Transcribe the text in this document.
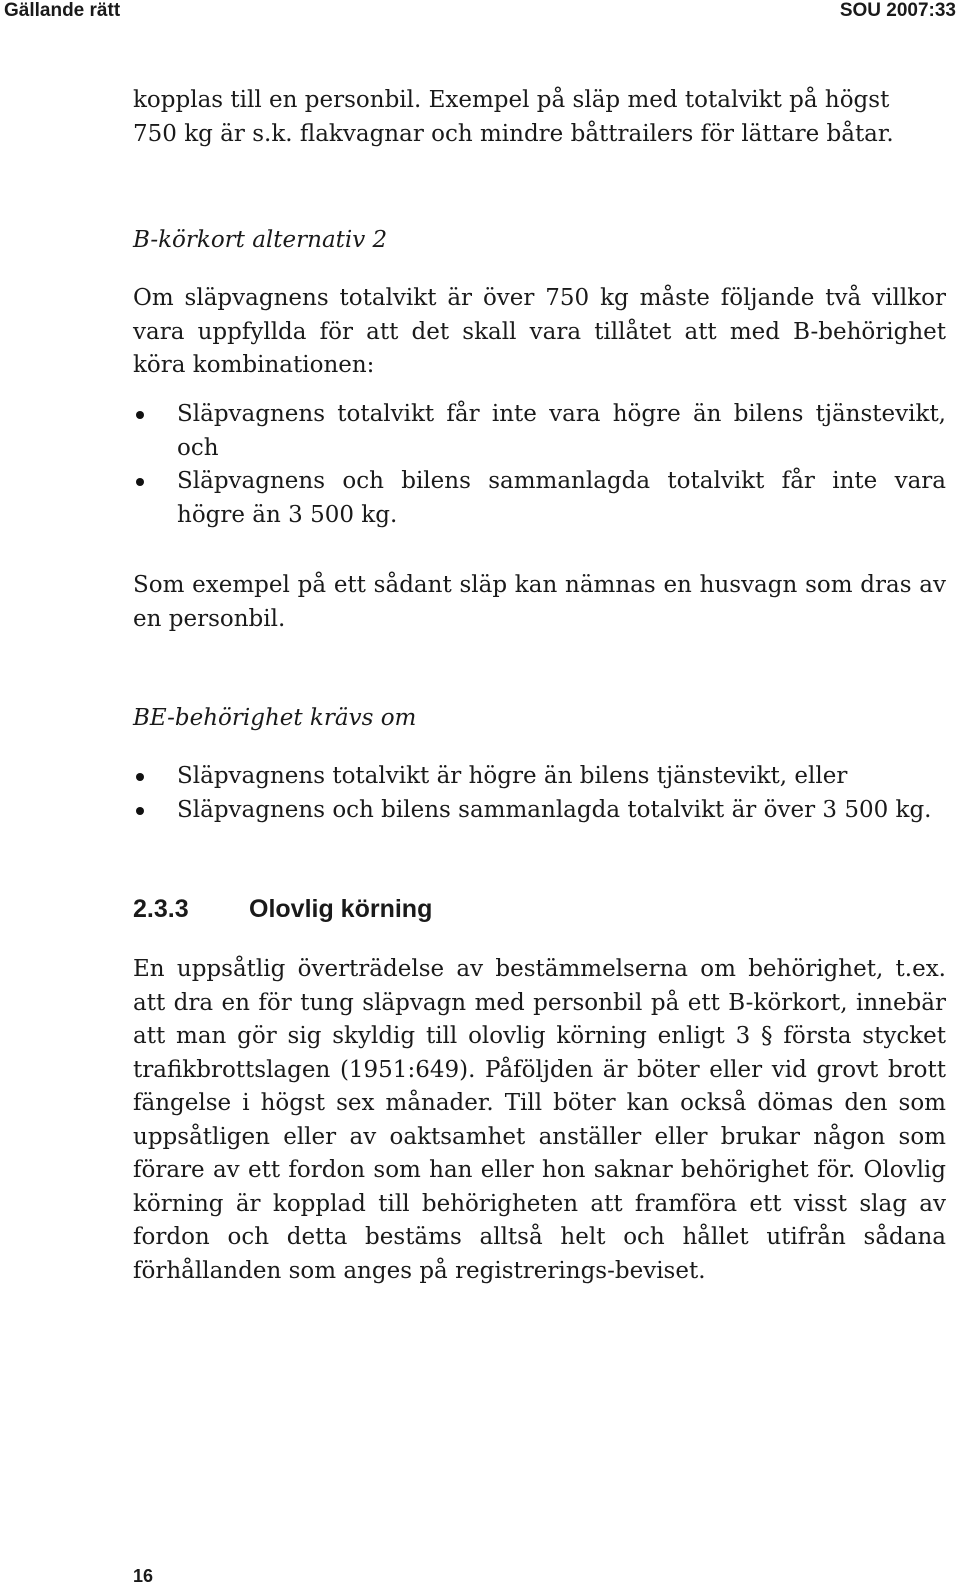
Gällande rätt	SOU 2007:33

kopplas till en personbil. Exempel på släp med totalvikt på högst
750 kg är s.k. flakvagnar och mindre båttrailers för lättare båtar.

B-körkort alternativ 2

Om släpvagnens totalvikt är över 750 kg måste följande två villkor vara uppfyllda för att det skall vara tillåtet att med B-behörighet köra kombinationen:

Släpvagnens totalvikt får inte vara högre än bilens tjänstevikt, och
Släpvagnens och bilens sammanlagda totalvikt får inte vara högre än 3 500 kg.

Som exempel på ett sådant släp kan nämnas en husvagn som dras av en personbil.

BE-behörighet krävs om

Släpvagnens totalvikt är högre än bilens tjänstevikt, eller
Släpvagnens och bilens sammanlagda totalvikt är över 3 500 kg.
2.3.3 Olovlig körning

En uppsåtlig överträdelse av bestämmelserna om behörighet, t.ex. att dra en för tung släpvagn med personbil på ett B-körkort, innebär att man gör sig skyldig till olovlig körning enligt 3 § första stycket trafikbrottslagen (1951:649). Påföljden är böter eller vid grovt brott fängelse i högst sex månader. Till böter kan också dömas den som uppsåtligen eller av oaktsamhet anställer eller brukar någon som förare av ett fordon som han eller hon saknar behörighet för. Olovlig körning är kopplad till behörigheten att framföra ett visst slag av fordon och detta bestäms alltså helt och hållet utifrån sådana förhållanden som anges på registrerings-beviset.

16
